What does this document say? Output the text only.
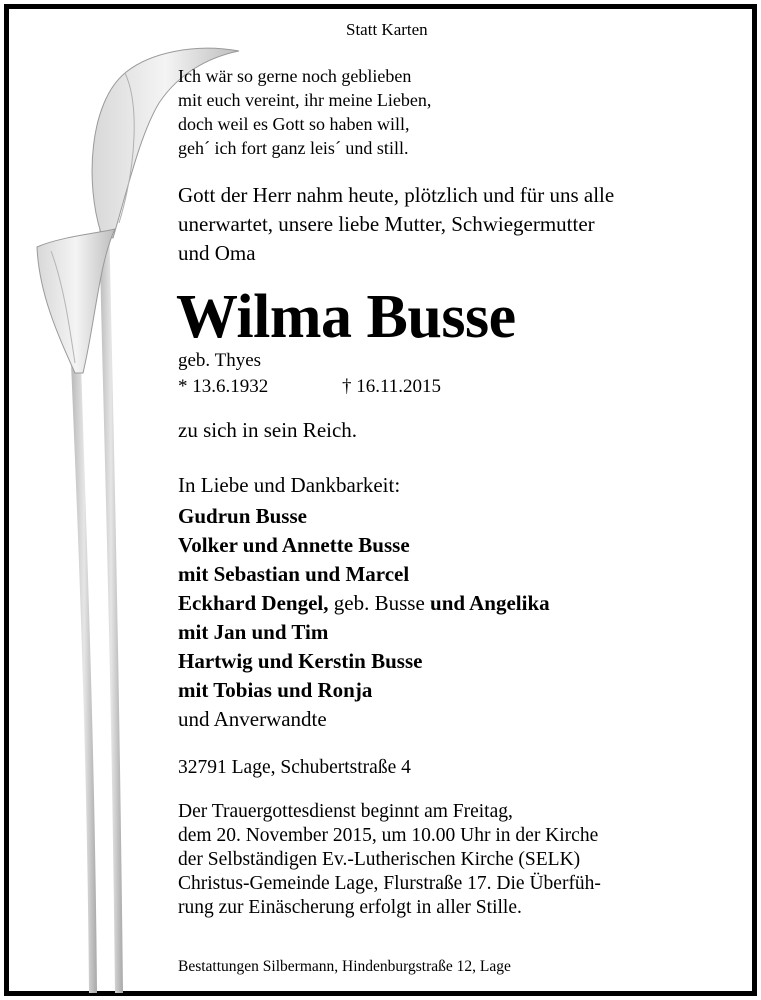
Statt Karten
Ich wär so gerne noch geblieben
mit euch vereint, ihr meine Lieben,
doch weil es Gott so haben will,
geh´ ich fort ganz leis´ und still.
Gott der Herr nahm heute, plötzlich und für uns alle
unerwartet, unsere liebe Mutter, Schwiegermutter
und Oma
Wilma Busse
geb. Thyes
* 13.6.1932	† 16.11.2015
zu sich in sein Reich.
In Liebe und Dankbarkeit:
Gudrun Busse
Volker und Annette Busse
mit Sebastian und Marcel
Eckhard Dengel, geb. Busse und Angelika
mit Jan und Tim
Hartwig und Kerstin Busse
mit Tobias und Ronja
und Anverwandte
32791 Lage, Schubertstraße 4
Der Trauergottesdienst beginnt am Freitag,
dem 20. November 2015, um 10.00 Uhr in der Kirche
der Selbständigen Ev.-Lutherischen Kirche (SELK)
Christus-Gemeinde Lage, Flurstraße 17. Die Überfüh-
rung zur Einäscherung erfolgt in aller Stille.
Bestattungen Silbermann, Hindenburgstraße 12, Lage
